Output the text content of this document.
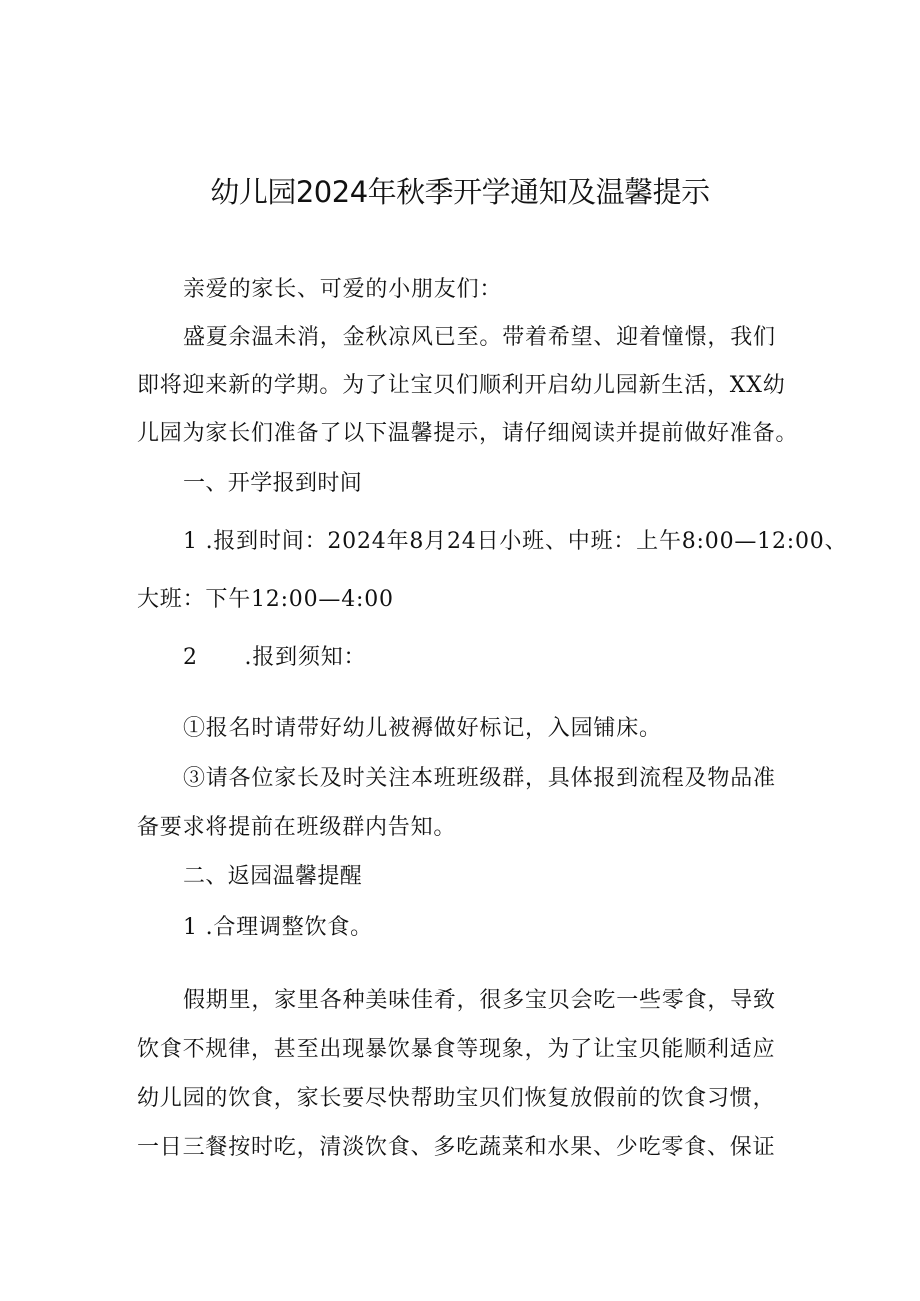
幼儿园2024年秋季开学通知及温馨提示
亲爱的家长、可爱的小朋友们：
盛夏余温未消，金秋凉风已至。带着希望、迎着憧憬，我们
即将迎来新的学期。为了让宝贝们顺利开启幼儿园新生活，XX幼
儿园为家长们准备了以下温馨提示，请仔细阅读并提前做好准备。
一、开学报到时间
1 .报到时间：2024年8月24日小班、中班：上午8:00—12:00、
大班：下午12:00—4:00
2      .报到须知：
①报名时请带好幼儿被褥做好标记，入园铺床。
③请各位家长及时关注本班班级群，具体报到流程及物品准
备要求将提前在班级群内告知。
二、返园温馨提醒
1 .合理调整饮食。
假期里，家里各种美味佳肴，很多宝贝会吃一些零食，导致
饮食不规律，甚至出现暴饮暴食等现象，为了让宝贝能顺利适应
幼儿园的饮食，家长要尽快帮助宝贝们恢复放假前的饮食习惯，
一日三餐按时吃，清淡饮食、多吃蔬菜和水果、少吃零食、保证
